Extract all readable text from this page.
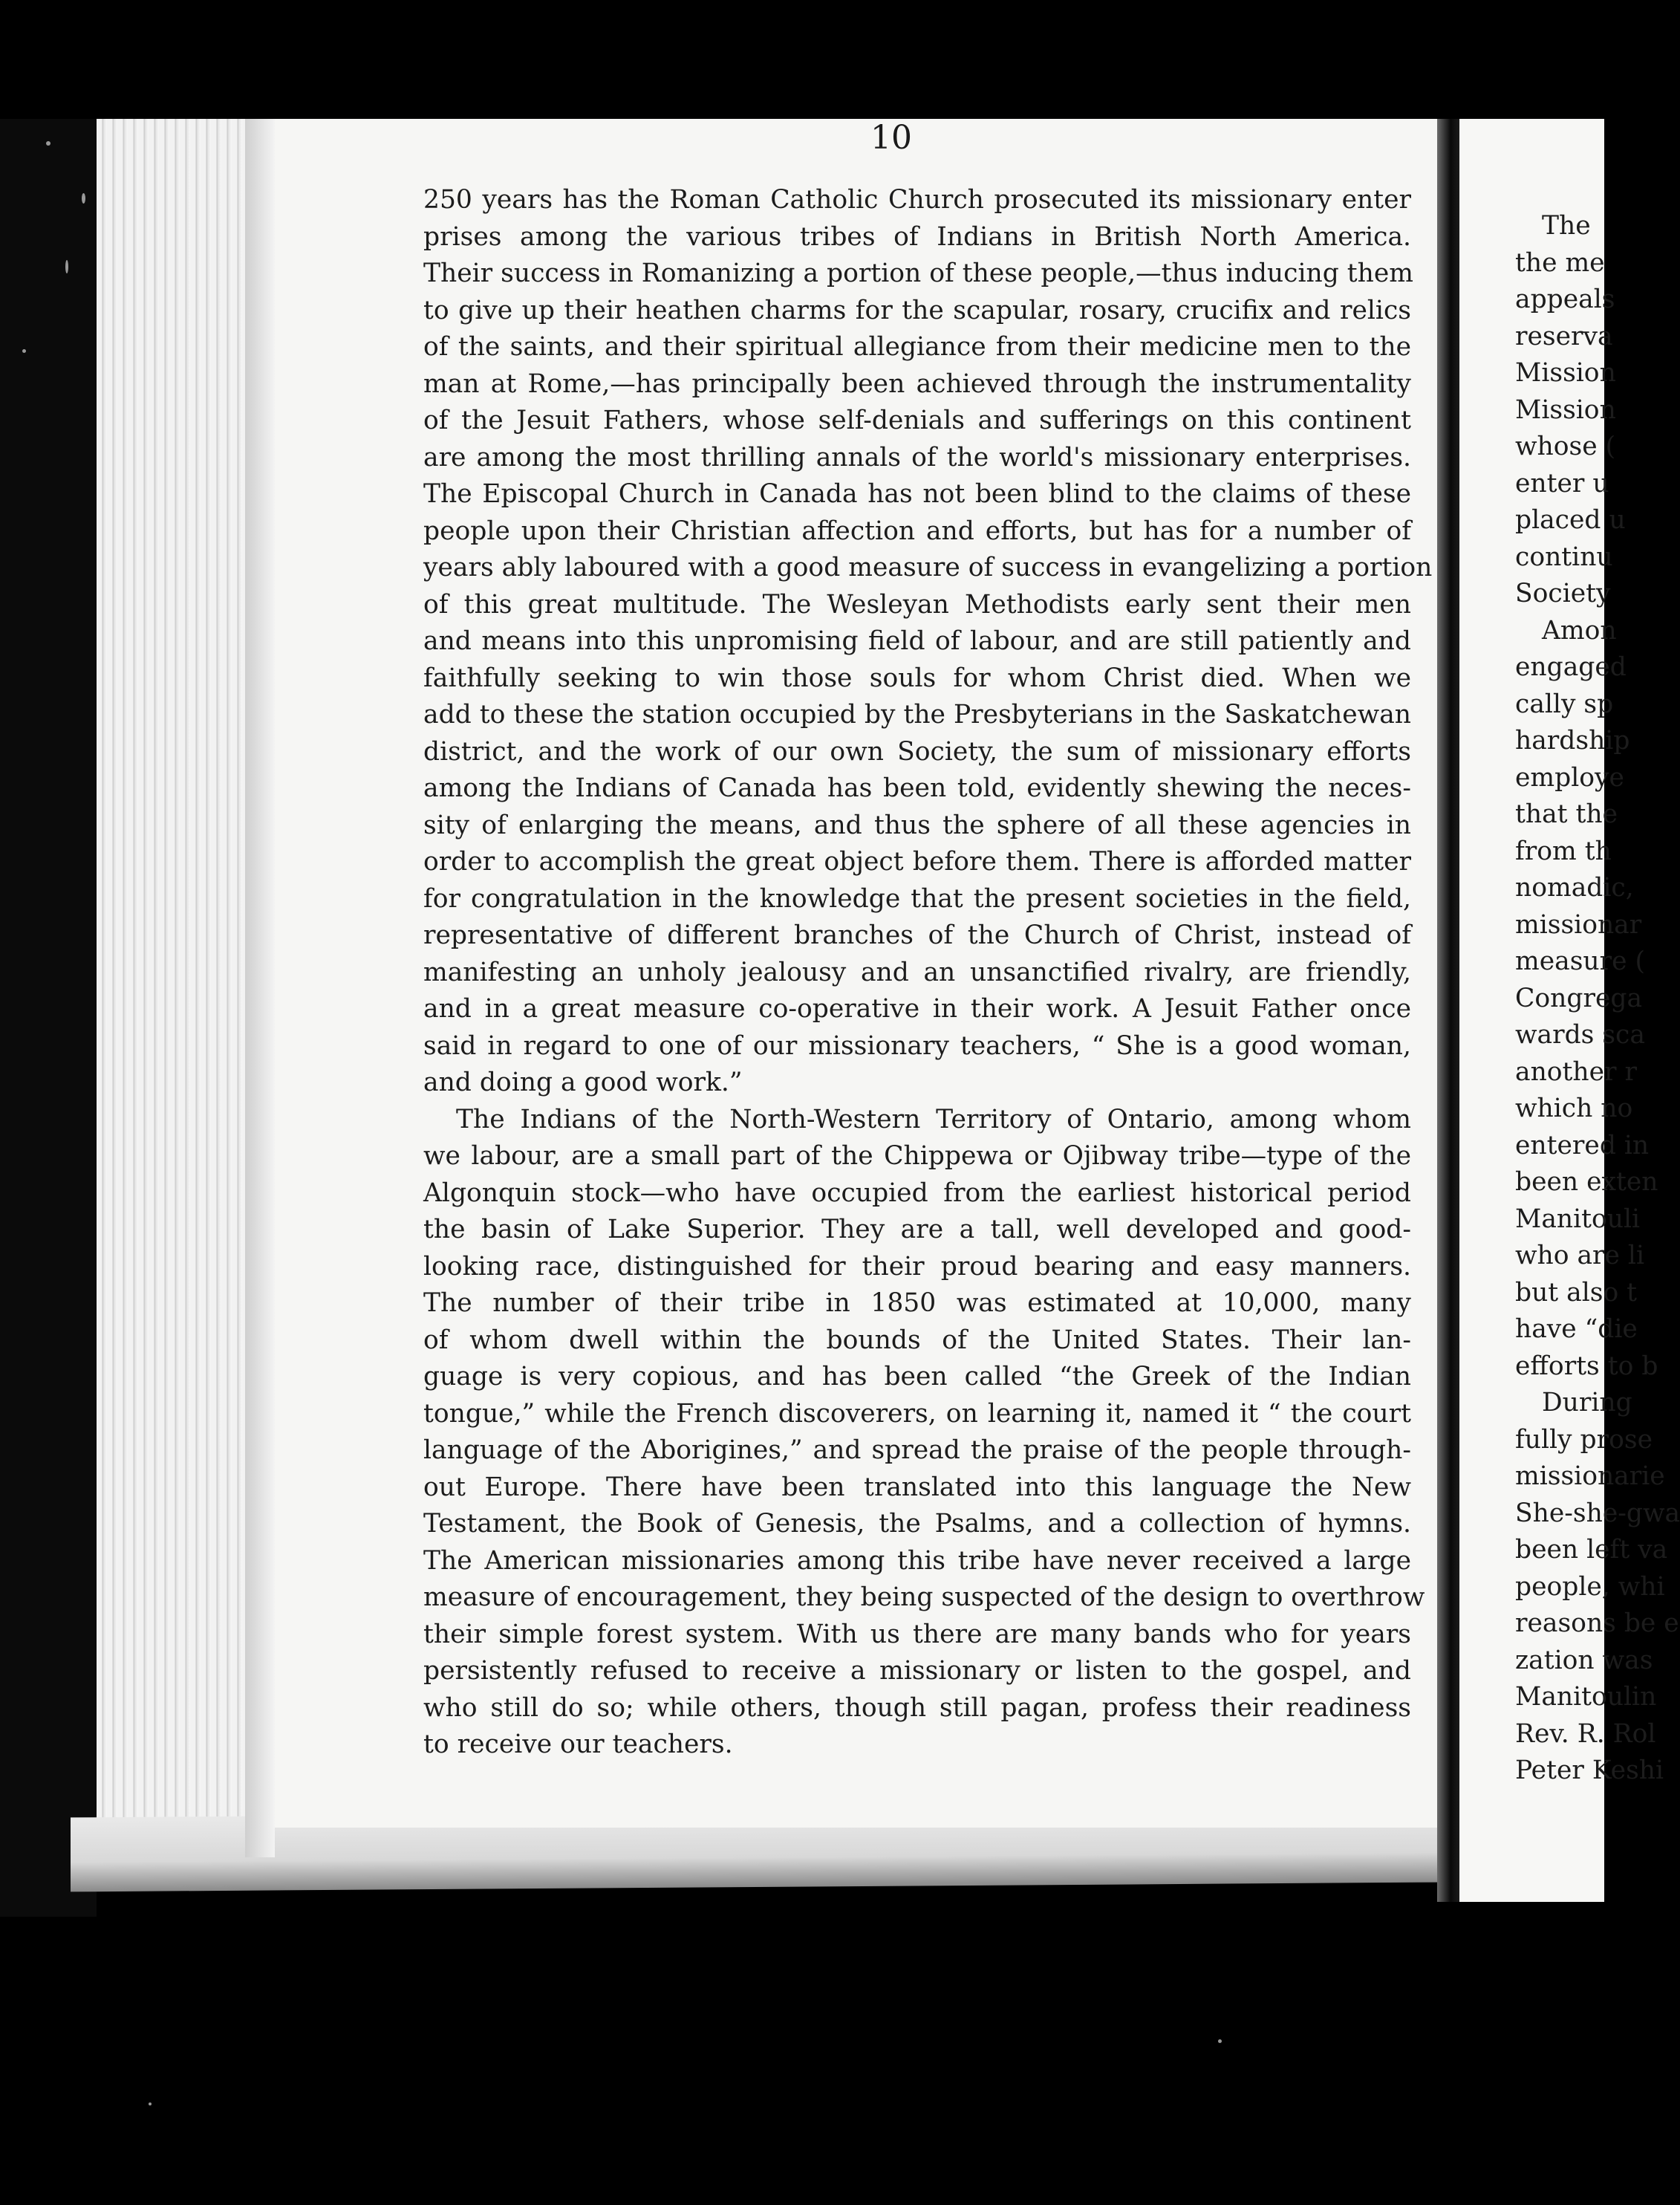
10
250 years has the Roman Catholic Church prosecuted its missionary enter
prises among the various tribes of Indians in British North America.
Their success in Romanizing a portion of these people,—thus inducing them
to give up their heathen charms for the scapular, rosary, crucifix and relics
of the saints, and their spiritual allegiance from their medicine men to the
man at Rome,—has principally been achieved through the instrumentality
of the Jesuit Fathers, whose self-denials and sufferings on this continent
are among the most thrilling annals of the world's missionary enterprises.
The Episcopal Church in Canada has not been blind to the claims of these
people upon their Christian affection and efforts, but has for a number of
years ably laboured with a good measure of success in evangelizing a portion
of this great multitude. The Wesleyan Methodists early sent their men
and means into this unpromising field of labour, and are still patiently and
faithfully seeking to win those souls for whom Christ died. When we
add to these the station occupied by the Presbyterians in the Saskatchewan
district, and the work of our own Society, the sum of missionary efforts
among the Indians of Canada has been told, evidently shewing the neces-
sity of enlarging the means, and thus the sphere of all these agencies in
order to accomplish the great object before them. There is afforded matter
for congratulation in the knowledge that the present societies in the field,
representative of different branches of the Church of Christ, instead of
manifesting an unholy jealousy and an unsanctified rivalry, are friendly,
and in a great measure co-operative in their work. A Jesuit Father once
said in regard to one of our missionary teachers, “ She is a good woman,
and doing a good work.”
The Indians of the North-Western Territory of Ontario, among whom
we labour, are a small part of the Chippewa or Ojibway tribe—type of the
Algonquin stock—who have occupied from the earliest historical period
the basin of Lake Superior. They are a tall, well developed and good-
looking race, distinguished for their proud bearing and easy manners.
The number of their tribe in 1850 was estimated at 10,000, many
of whom dwell within the bounds of the United States. Their lan-
guage is very copious, and has been called “the Greek of the Indian
tongue,” while the French discoverers, on learning it, named it “ the court
language of the Aborigines,” and spread the praise of the people through-
out Europe. There have been translated into this language the New
Testament, the Book of Genesis, the Psalms, and a collection of hymns.
The American missionaries among this tribe have never received a large
measure of encouragement, they being suspected of the design to overthrow
their simple forest system. With us there are many bands who for years
persistently refused to receive a missionary or listen to the gospel, and
who still do so; while others, though still pagan, profess their readiness
to receive our teachers.
The
the me
appeals
reserva
Mission
Mission
whose (
enter u
placed u
continu
Society
Amon
engaged
cally sp
hardship
employe
that the
from th
nomadic,
missionar
measure (
Congrega
wards sca
another r
which no
entered in
been exten
Manitouli
who are li
but also t
have “die
efforts to b
During
fully prose
missionarie
She-she-gwa
been left va
people, whi
reasons be e
zation was
Manitoulin
Rev. R. Rol
Peter Keshi
